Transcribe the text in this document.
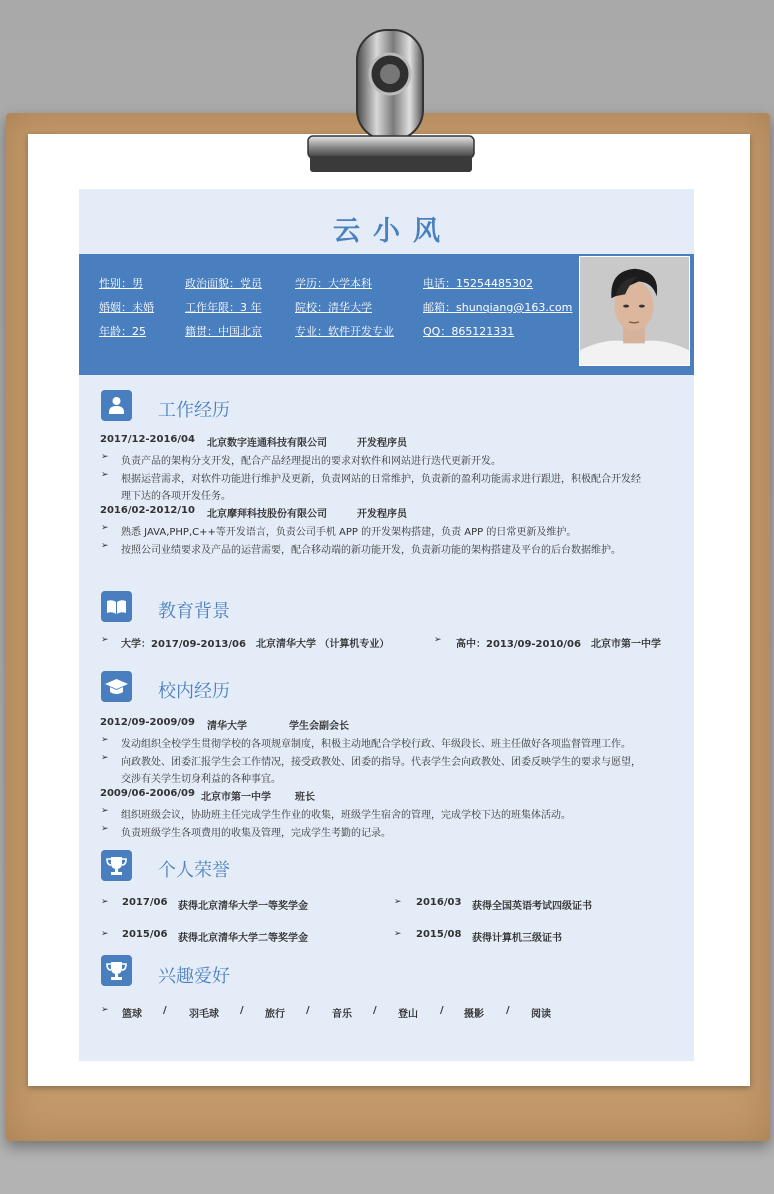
云小风
性别：男	政治面貌：党员	学历：大学本科	电话：15254485302
婚姻：未婚	工作年限：3 年	院校：清华大学	邮箱：shunqiang@163.com
年龄：25	籍贯：中国北京	专业：软件开发专业	QQ：865121331
工作经历
2017/12-2016/04 北京数字连通科技有限公司	开发程序员
➢ 负责产品的架构分支开发，配合产品经理提出的要求对软件和网站进行迭代更新开发。
➢ 根据运营需求，对软件功能进行维护及更新，负责网站的日常维护，负责新的盈利功能需求进行跟进，积极配合开发经
理下达的各项开发任务。
2016/02-2012/10 北京摩拜科技股份有限公司	开发程序员
➢ 熟悉 JAVA,PHP,C++等开发语言，负责公司手机 APP 的开发架构搭建，负责 APP 的日常更新及维护。
➢ 按照公司业绩要求及产品的运营需要，配合移动端的新功能开发，负责新功能的架构搭建及平台的后台数据维护。
教育背景
➢ 大学：2017/09-2013/06　北京清华大学 （计算机专业）	➢ 高中：2013/09-2010/06　北京市第一中学
校内经历
2012/09-2009/09 清华大学	学生会副会长
➢ 发动组织全校学生贯彻学校的各项规章制度，积极主动地配合学校行政、年级段长、班主任做好各项监督管理工作。
➢ 向政教处、团委汇报学生会工作情况，接受政教处、团委的指导。代表学生会向政教处、团委反映学生的要求与愿望，
交涉有关学生切身利益的各种事宜。
2009/06-2006/09 北京市第一中学 班长
➢ 组织班级会议，协助班主任完成学生作业的收集，班级学生宿舍的管理，完成学校下达的班集体活动。
➢ 负责班级学生各项费用的收集及管理，完成学生考勤的记录。
个人荣誉
➢ 2017/06 获得北京清华大学一等奖学金	➢ 2016/03 获得全国英语考试四级证书
➢ 2015/06 获得北京清华大学二等奖学金	➢ 2015/08 获得计算机三级证书
兴趣爱好
➢ 篮球 / 羽毛球 / 旅行 / 音乐 / 登山 / 摄影 / 阅读
